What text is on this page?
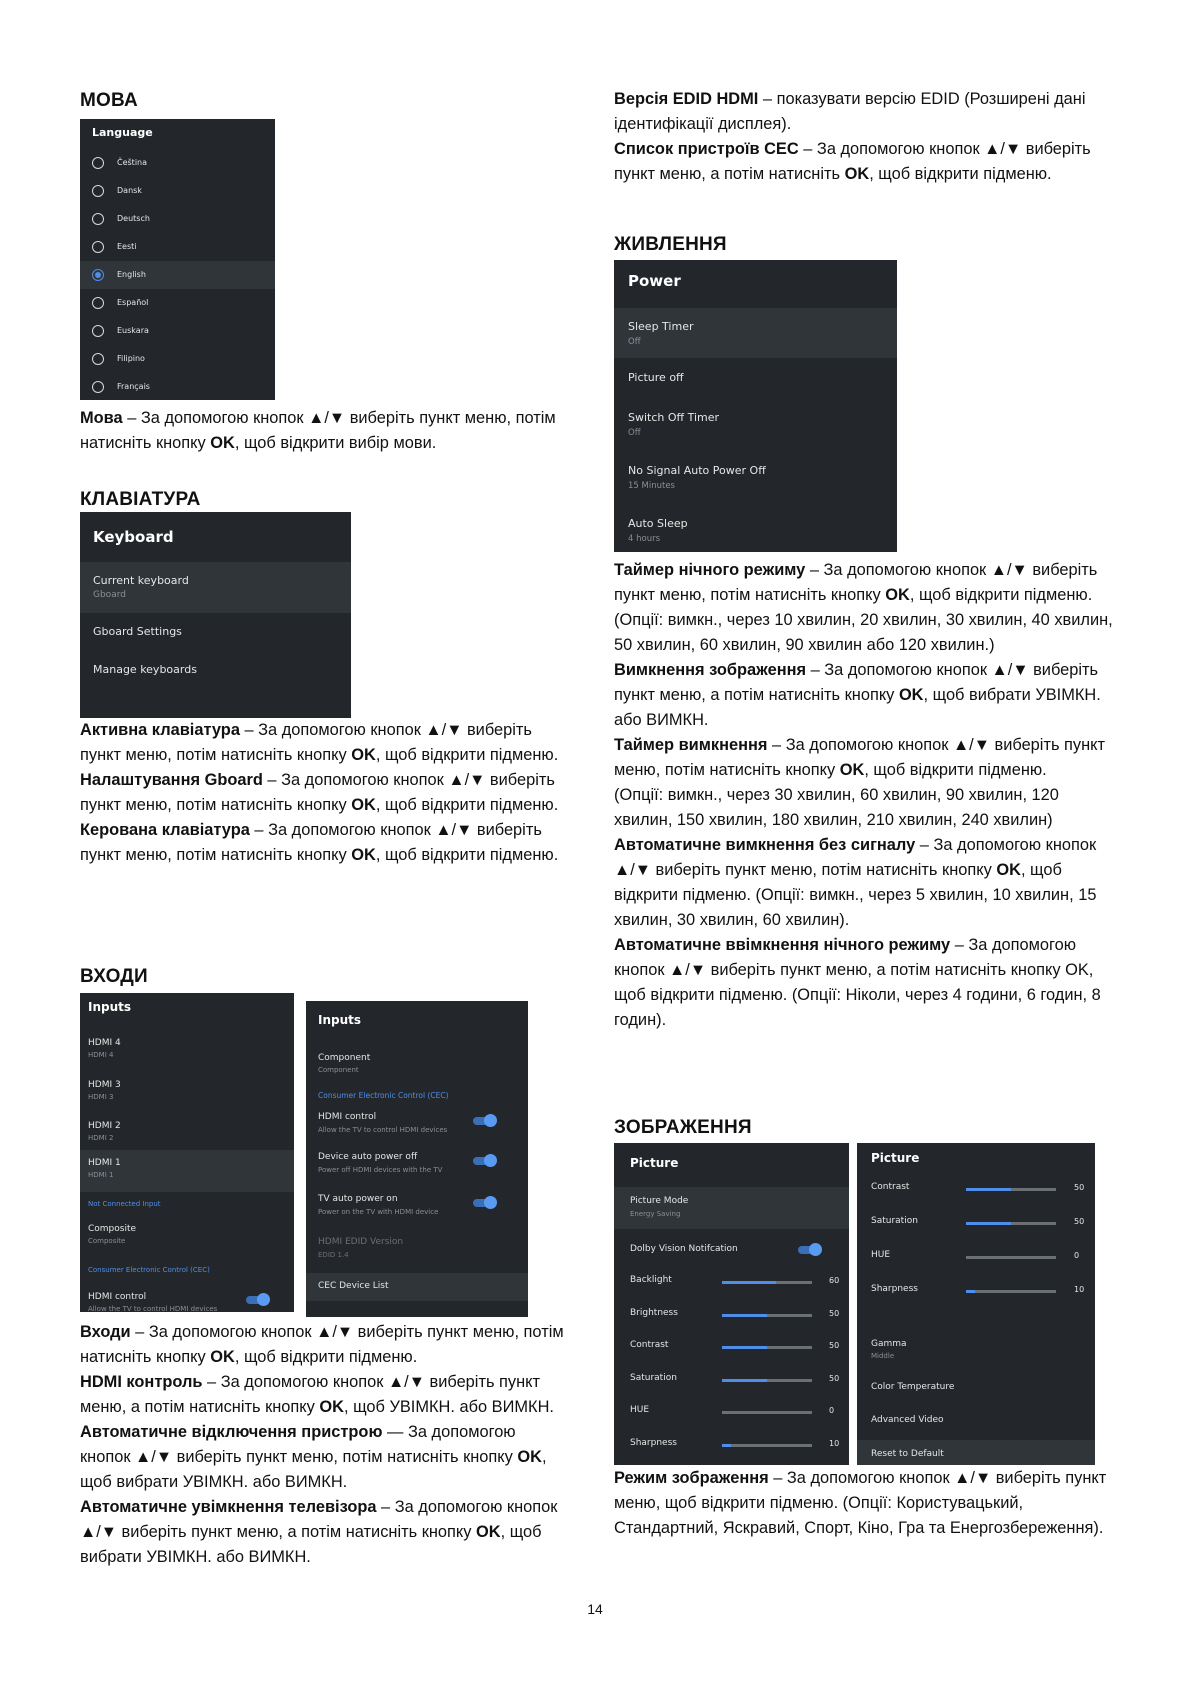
МОВА
Language
Čeština
Dansk
Deutsch
Eesti
English
Español
Euskara
Filipino
Français

Мова – За допомогою кнопок ▲/▼ виберіть пункт меню, потім натисніть кнопку OK, щоб відкрити вибір мови.

КЛАВІАТУРА
Keyboard
Current keyboard
Gboard
Gboard Settings
Manage keyboards

Активна клавіатура – За допомогою кнопок ▲/▼ виберіть пункт меню, потім натисніть кнопку OK, щоб відкрити підменю.

Налаштування Gboard – За допомогою кнопок ▲/▼ виберіть пункт меню, потім натисніть кнопку OK, щоб відкрити підменю.

Керована клавіатура – За допомогою кнопок ▲/▼ виберіть пункт меню, потім натисніть кнопку OK, щоб відкрити підменю.

ВХОДИ
Inputs
HDMI 4
HDMI 4
HDMI 3
HDMI 3
HDMI 2
HDMI 2
HDMI 1
HDMI 1
Not Connected Input
Composite
Composite
Consumer Electronic Control (CEC)
HDMI control
Allow the TV to control HDMI devices
Inputs
Component
Component
Consumer Electronic Control (CEC)
HDMI control
Allow the TV to control HDMI devices
Device auto power off
Power off HDMI devices with the TV
TV auto power on
Power on the TV with HDMI device
HDMI EDID Version
EDID 1.4
CEC Device List

Входи – За допомогою кнопок ▲/▼ виберіть пункт меню, потім натисніть кнопку OK, щоб відкрити підменю.

HDMI контроль – За допомогою кнопок ▲/▼ виберіть пункт меню, а потім натисніть кнопку OK, щоб УВІМКН. або ВИМКН.

Автоматичне відключення пристрою — За допомогою кнопок ▲/▼ виберіть пункт меню, потім натисніть кнопку OK, щоб вибрати УВІМКН. або ВИМКН.

Автоматичне увімкнення телевізора – За допомогою кнопок ▲/▼ виберіть пункт меню, а потім натисніть кнопку OK, щоб вибрати УВІМКН. або ВИМКН.

Версія EDID HDMI – показувати версію EDID (Розширені дані ідентифікації дисплея).

Список пристроїв CEC – За допомогою кнопок ▲/▼ виберіть пункт меню, а потім натисніть OK, щоб відкрити підменю.

ЖИВЛЕННЯ
Power
Sleep Timer
Off
Picture off
Switch Off Timer
Off
No Signal Auto Power Off
15 Minutes
Auto Sleep
4 hours

Таймер нічного режиму – За допомогою кнопок ▲/▼ виберіть пункт меню, потім натисніть кнопку OK, щоб відкрити підменю.

(Опції: вимкн., через 10 хвилин, 20 хвилин, 30 хвилин, 40 хвилин, 50 хвилин, 60 хвилин, 90 хвилин або 120 хвилин.)

Вимкнення зображення – За допомогою кнопок ▲/▼ виберіть пункт меню, а потім натисніть кнопку OK, щоб вибрати УВІМКН. або ВИМКН.

Таймер вимкнення – За допомогою кнопок ▲/▼ виберіть пункт меню, потім натисніть кнопку OK, щоб відкрити підменю.

(Опції: вимкн., через 30 хвилин, 60 хвилин, 90 хвилин, 120 хвилин, 150 хвилин, 180 хвилин, 210 хвилин, 240 хвилин)

Автоматичне вимкнення без сигналу – За допомогою кнопок ▲/▼ виберіть пункт меню, потім натисніть кнопку OK, щоб відкрити підменю. (Опції: вимкн., через 5 хвилин, 10 хвилин, 15 хвилин, 30 хвилин, 60 хвилин).

Автоматичне ввімкнення нічного режиму – За допомогою кнопок ▲/▼ виберіть пункт меню, а потім натисніть кнопку OK, щоб відкрити підменю. (Опції: Ніколи, через 4 години, 6 годин, 8 годин).

ЗОБРАЖЕННЯ
Picture
Picture Mode
Energy Saving
Dolby Vision Notifcation
Backlight	60
Brightness	50
Contrast	50
Saturation	50
HUE	0
Sharpness	10
Picture
Contrast	50
Saturation	50
HUE	0
Sharpness	10
Gamma
Middle
Color Temperature
Advanced Video
Reset to Default

Режим зображення – За допомогою кнопок ▲/▼ виберіть пункт меню, щоб відкрити підменю. (Опції: Користувацький, Стандартний, Яскравий, Спорт, Кіно, Гра та Енергозбереження).

14
